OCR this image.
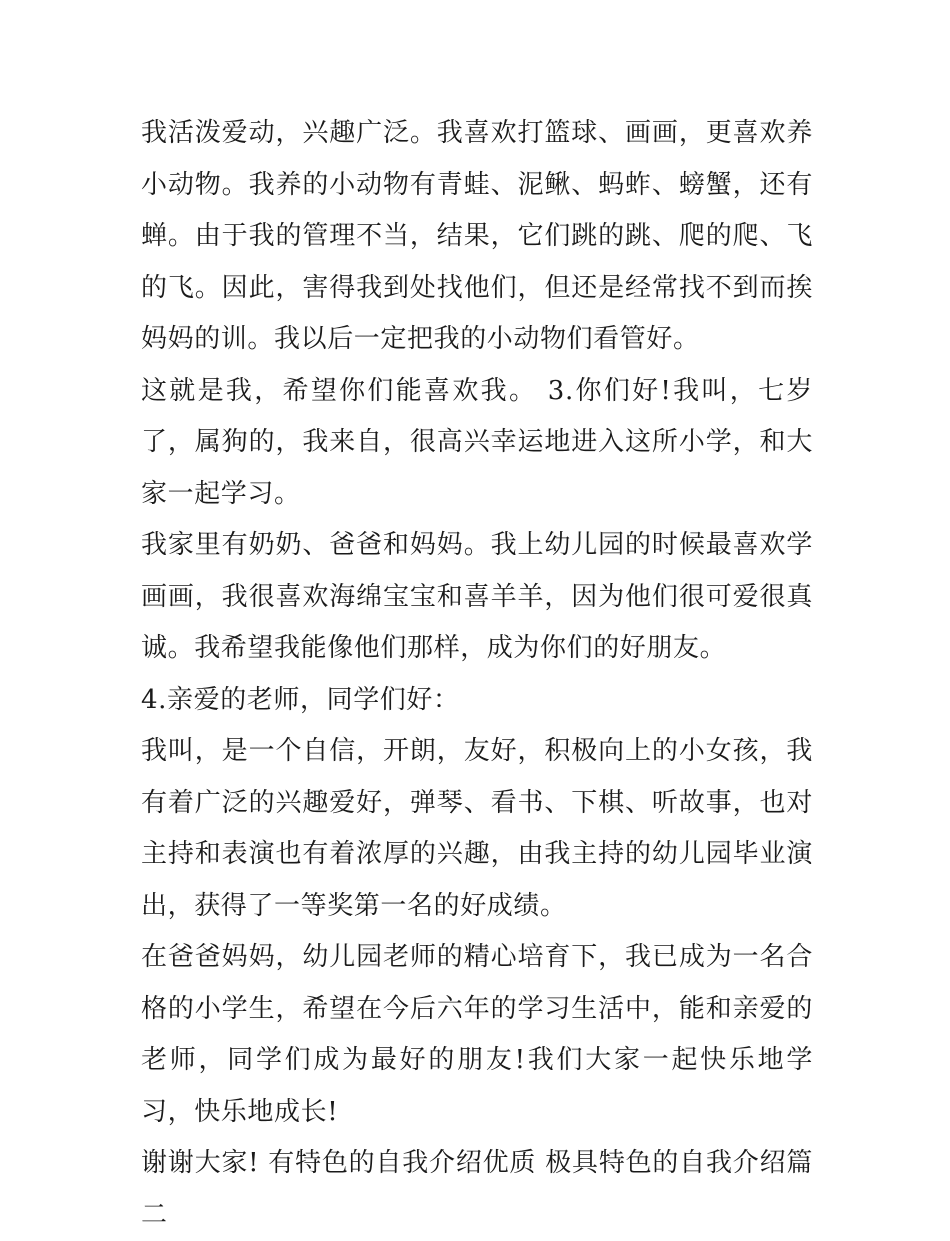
我活泼爱动，兴趣广泛。我喜欢打篮球、画画，更喜欢养小动物。我养的小动物有青蛙、泥鳅、蚂蚱、螃蟹，还有蝉。由于我的管理不当，结果，它们跳的跳、爬的爬、飞的飞。因此，害得我到处找他们，但还是经常找不到而挨妈妈的训。我以后一定把我的小动物们看管好。

这就是我，希望你们能喜欢我。 3.你们好!我叫，七岁了，属狗的，我来自，很高兴幸运地进入这所小学，和大家一起学习。

我家里有奶奶、爸爸和妈妈。我上幼儿园的时候最喜欢学画画，我很喜欢海绵宝宝和喜羊羊，因为他们很可爱很真诚。我希望我能像他们那样，成为你们的好朋友。

4.亲爱的老师，同学们好：

我叫，是一个自信，开朗，友好，积极向上的小女孩，我有着广泛的兴趣爱好，弹琴、看书、下棋、听故事，也对主持和表演也有着浓厚的兴趣，由我主持的幼儿园毕业演出，获得了一等奖第一名的好成绩。

在爸爸妈妈，幼儿园老师的精心培育下，我已成为一名合格的小学生，希望在今后六年的学习生活中，能和亲爱的老师，同学们成为最好的朋友!我们大家一起快乐地学习，快乐地成长!

谢谢大家! 有特色的自我介绍优质 极具特色的自我介绍篇二
